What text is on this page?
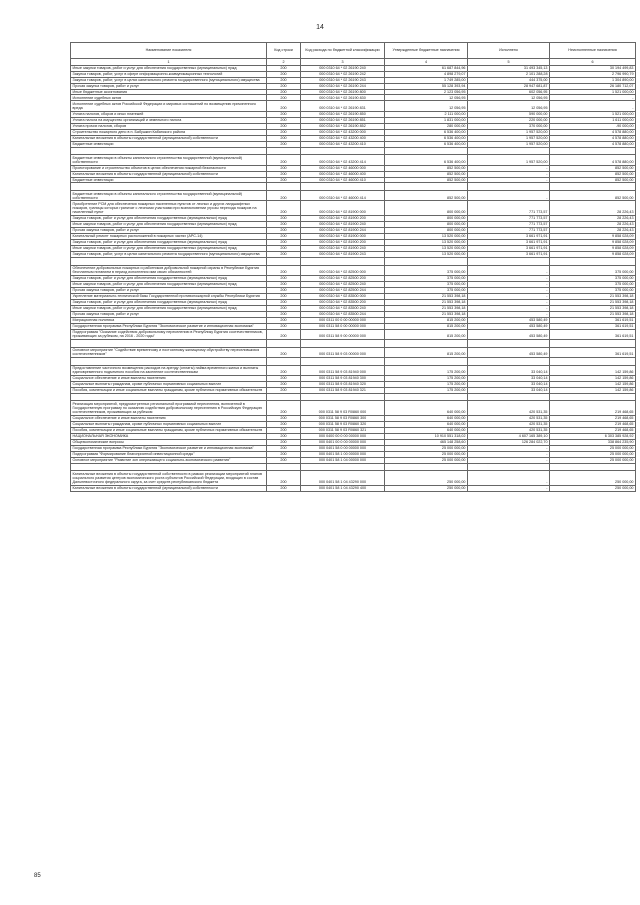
14
Наименование показателя	Код строки	Код расхода по бюджетной классификации	Утвержденные бюджетные назначения	Исполнено	Неисполненные назначения
1	2	3	4	5	6
Иные закупки товаров, работ и услуг для обеспечения государственных (муниципальных) нужд	200	000 0310 64 * 02 26190 240	61 687 844,96	31 493 345,13	30 194 499,83
Закупка товаров, работ, услуг в сфере информационно-коммуникационных технологий	200	000 0310 64 * 02 26190 242	4 898 279,07	2 101 288,28	2 796 990,79
Закупка товаров, работ, услуг в целях капитального ремонта государственного (муниципального) имущества	200	000 0310 64 * 02 26190 243	1 749 285,00	444 375,00	1 304 890,00
Прочая закупка товаров, работ и услуг	200	000 0310 64 * 02 26190 244	55 128 393,94	28 947 681,87	26 180 712,07
Иные бюджетные ассигнования	200	000 0310 64 * 02 26190 800	2 123 056,95	602 056,95	1 521 000,00
Исполнение судебных актов	200	000 0310 64 * 02 26190 830	12 056,95	12 056,95	-
Исполнение судебных актов Российской Федерации и мировых соглашений по возмещению причиненного вреда	200	000 0310 64 * 02 26190 831	12 056,95	12 056,95	-
Уплата налогов, сборов и иных платежей	200	000 0310 64 * 02 26190 850	2 111 000,00	590 000,00	1 521 000,00
Уплата налога на имущество организаций и земельного налога	200	000 0310 64 * 02 26190 851	1 831 000,00	220 000,00	1 611 000,00
Уплата прочих налогов, сборов	200	000 0310 64 * 02 26190 852	280 000,00	370 000,00	-90 000,00
Строительство пожарного депо в п. Бабушкин Кабанского района	200	000 0310 64 * 02 43200 000	6 536 400,00	1 957 520,00	4 578 880,00
Капитальные вложения в объекты государственной (муниципальной) собственности	200	000 0310 64 * 02 43200 400	6 536 400,00	1 957 520,00	4 578 880,00
Бюджетные инвестиции	200	000 0310 64 * 02 43200 410	6 536 400,00	1 957 520,00	4 578 880,00

Бюджетные инвестиции в объекты капитального строительства государственной (муниципальной) собственности	200	000 0310 64 * 02 43200 414	6 536 400,00	1 957 520,00	4 578 880,00
Проектирование и строительство объектов в целях обеспечения пожарной безопасности	200	000 0310 64 * 02 46000 000	852 500,00	-	852 500,00
Капитальные вложения в объекты государственной (муниципальной) собственности	200	000 0310 64 * 02 46000 400	852 500,00	-	852 500,00
Бюджетные инвестиции	200	000 0310 64 * 02 46000 410	852 500,00	-	852 500,00

Бюджетные инвестиции в объекты капитального строительства государственной (муниципальной) собственности	200	000 0310 64 * 02 46000 414	852 500,00	-	852 500,00
Приобретение РСМ для обеспечения пожарных населенных пунктов от лесных и других ландшафтных пожаров, границы которых граничат с лесными участками при возникновении угрозы перехода пожаров на населенный пункт	200	000 0310 64 * 02 81900 000	800 000,00	771 773,57	28 226,43
Закупка товаров, работ и услуг для обеспечения государственных (муниципальных) нужд	200	000 0310 64 * 02 81900 200	800 000,00	771 773,57	28 226,43
Иные закупки товаров, работ и услуг для обеспечения государственных (муниципальных) нужд	200	000 0310 64 * 02 81900 240	800 000,00	771 773,57	28 226,43
Прочая закупка товаров, работ и услуг	200	000 0310 64 * 02 81900 244	800 000,00	771 773,57	28 226,43
Капитальный ремонт пожарных расположений в пожарных частях (АРС-14)	200	000 0310 64 * 02 81900 000	13 520 000,00	3 661 971,91	9 858 028,09
Закупка товаров, работ и услуг для обеспечения государственных (муниципальных) нужд	200	000 0310 64 * 02 81900 200	13 520 000,00	3 661 971,91	9 858 028,09
Иные закупки товаров, работ и услуг для обеспечения государственных (муниципальных) нужд	200	000 0310 64 * 02 81900 240	13 520 000,00	3 661 971,91	9 858 028,09
Закупка товаров, работ, услуг в целях капитального ремонта государственного (муниципального) имущества	200	000 0310 64 * 02 81900 243	13 520 000,00	3 661 971,91	9 858 028,09

Обеспечение добровольных пожарных и работников добровольной пожарной охраны в Республике Бурятия бесплатным питанием в период исполнения ими своих обязанностей	200	000 0310 64 * 02 82500 000	375 000,00	-	375 000,00
Закупка товаров, работ и услуг для обеспечения государственных (муниципальных) нужд	200	000 0310 64 * 02 82500 200	375 000,00	-	375 000,00
Иные закупки товаров, работ и услуг для обеспечения государственных (муниципальных) нужд	200	000 0310 64 * 02 82500 240	375 000,00	-	375 000,00
Прочая закупка товаров, работ и услуг	200	000 0310 64 * 02 82500 244	375 000,00	-	375 000,00
Укрепление материально-технической базы Государственной противопожарной службы Республики Бурятия	200	000 0310 64 * 02 83500 000	21 553 398,18	-	21 553 398,18
Закупка товаров, работ и услуг для обеспечения государственных (муниципальных) нужд	200	000 0310 64 * 02 83500 200	21 553 398,18	-	21 553 398,18
Иные закупки товаров, работ и услуг для обеспечения государственных (муниципальных) нужд	200	000 0310 64 * 02 83500 240	21 553 398,18	-	21 553 398,18
Прочая закупка товаров, работ и услуг	200	000 0310 64 * 02 83500 244	21 553 398,18	-	21 553 398,18
Миграционная политика	200	000 0311 00 0 00 00000 000	815 200,00	453 580,49	361 619,51
Государственная программа Республики Бурятия "Экономическое развитие и инновационная экономика"	200	000 0311 58 0 00 00000 000	815 200,00	453 580,49	361 619,51
Подпрограмма "Оказание содействия добровольному переселению в Республику Бурятия соотечественников, проживающих за рубежом, на 2016 - 2020 годы"	200	000 0311 58 9 00 00000 000	815 200,00	453 580,49	361 619,51

Основное мероприятие "Содействие временному и постоянному жилищному обустройству переселившихся соотечественников"	200	000 0311 58 9 03 00000 000	815 200,00	453 580,49	361 619,51

Предоставление частичного возмещения расходов на аренду (оплаты) найма временного жилья и выплаты единовременного подъемного пособия на заселение соотечественникам	200	000 0311 58 9 03 81940 000	175 200,00	33 040,14	142 159,86
Социальное обеспечение и иные выплаты населению	200	000 0311 58 9 03 81940 300	175 200,00	33 040,14	142 159,86
Социальные выплаты гражданам, кроме публичных нормативных социальных выплат	200	000 0311 58 9 03 81940 320	175 200,00	33 040,14	142 159,86
Пособия, компенсации и иные социальные выплаты гражданам, кроме публичных нормативных обязательств	200	000 0311 58 9 03 81940 321	175 200,00	33 040,14	142 159,86

Реализация мероприятий, предусмотренных региональной программой переселения, включенной в Государственную программу по оказанию содействия добровольному переселению в Российскую Федерацию соотечественников, проживающих за рубежом	200	000 0311 58 9 03 R0860 000	640 000,00	420 531,35	219 468,65
Социальное обеспечение и иные выплаты населению	200	000 0311 58 9 03 R0860 300	640 000,00	420 531,35	219 468,65
Социальные выплаты гражданам, кроме публичных нормативных социальных выплат	200	000 0311 58 9 03 R0860 320	640 000,00	420 531,35	219 468,65
Пособия, компенсации и иные социальные выплаты гражданам, кроме публичных нормативных обязательств	200	000 0311 58 9 03 R0860 321	640 000,00	420 531,35	219 468,65
НАЦИОНАЛЬНАЯ ЭКОНОМИКА	200	000 0400 00 0 00 00000 000	10 910 551 318,02	4 607 165 389,10	6 303 385 928,92
Общеэкономические вопросы	200	000 0401 00 0 00 00000 000	465 148 258,60	126 284 022,70	338 864 235,90
Государственная программа Республики Бурятия "Экономическое развитие и инновационная экономика"	200	000 0401 58 0 00 00000 000	25 000 000,00	-	25 000 000,00
Подпрограмма "Формирование благоприятной инвестиционной среды"	200	000 0401 58 1 00 00000 000	25 000 000,00	-	25 000 000,00
Основное мероприятие "Развитие зон опережающего социально-экономического развития"	200	000 0401 58 1 04 00000 000	25 000 000,00	-	25 000 000,00

Капитальные вложения в объекты государственной собственности в рамках реализации мероприятий планов социального развития центров экономического роста субъектов Российской Федерации, входящих в состав Дальневосточного федерального округа, за счет средств республиканского бюджета	200	000 0401 58 1 04 43290 000	250 000,00	-	250 000,00
Капитальные вложения в объекты государственной (муниципальной) собственности	200	000 0401 58 1 04 43290 400	250 000,00	-	250 000,00
85
